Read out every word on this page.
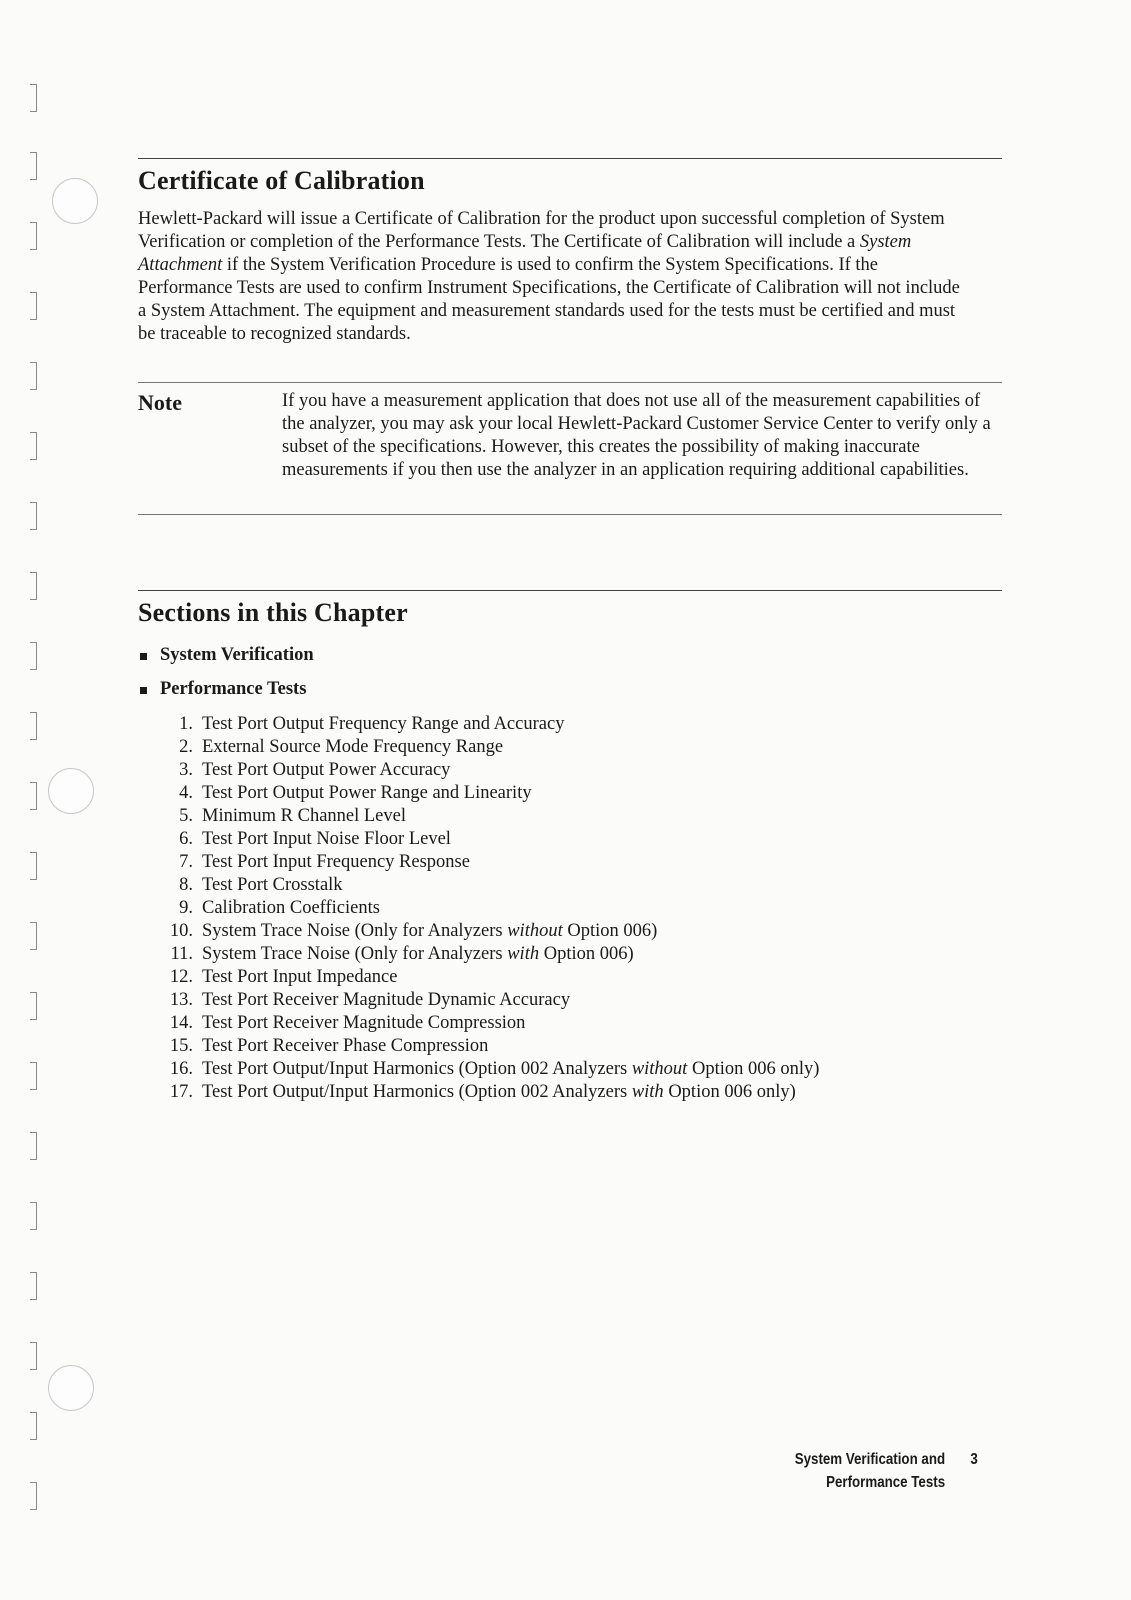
Certificate of Calibration

Hewlett-Packard will issue a Certificate of Calibration for the product upon successful completion of System Verification or completion of the Performance Tests. The Certificate of Calibration will include a System Attachment if the System Verification Procedure is used to confirm the System Specifications. If the Performance Tests are used to confirm Instrument Specifications, the Certificate of Calibration will not include a System Attachment. The equipment and measurement standards used for the tests must be certified and must be traceable to recognized standards.

Note	If you have a measurement application that does not use all of the measurement capabilities of the analyzer, you may ask your local Hewlett-Packard Customer Service Center to verify only a subset of the specifications. However, this creates the possibility of making inaccurate measurements if you then use the analyzer in an application requiring additional capabilities.

Sections in this Chapter
System Verification
Performance Tests
1. Test Port Output Frequency Range and Accuracy
2. External Source Mode Frequency Range
3. Test Port Output Power Accuracy
4. Test Port Output Power Range and Linearity
5. Minimum R Channel Level
6. Test Port Input Noise Floor Level
7. Test Port Input Frequency Response
8. Test Port Crosstalk
9. Calibration Coefficients
10. System Trace Noise (Only for Analyzers without Option 006)
11. System Trace Noise (Only for Analyzers with Option 006)
12. Test Port Input Impedance
13. Test Port Receiver Magnitude Dynamic Accuracy
14. Test Port Receiver Magnitude Compression
15. Test Port Receiver Phase Compression
16. Test Port Output/Input Harmonics (Option 002 Analyzers without Option 006 only)
17. Test Port Output/Input Harmonics (Option 002 Analyzers with Option 006 only)
System Verification and
Performance Tests
3
